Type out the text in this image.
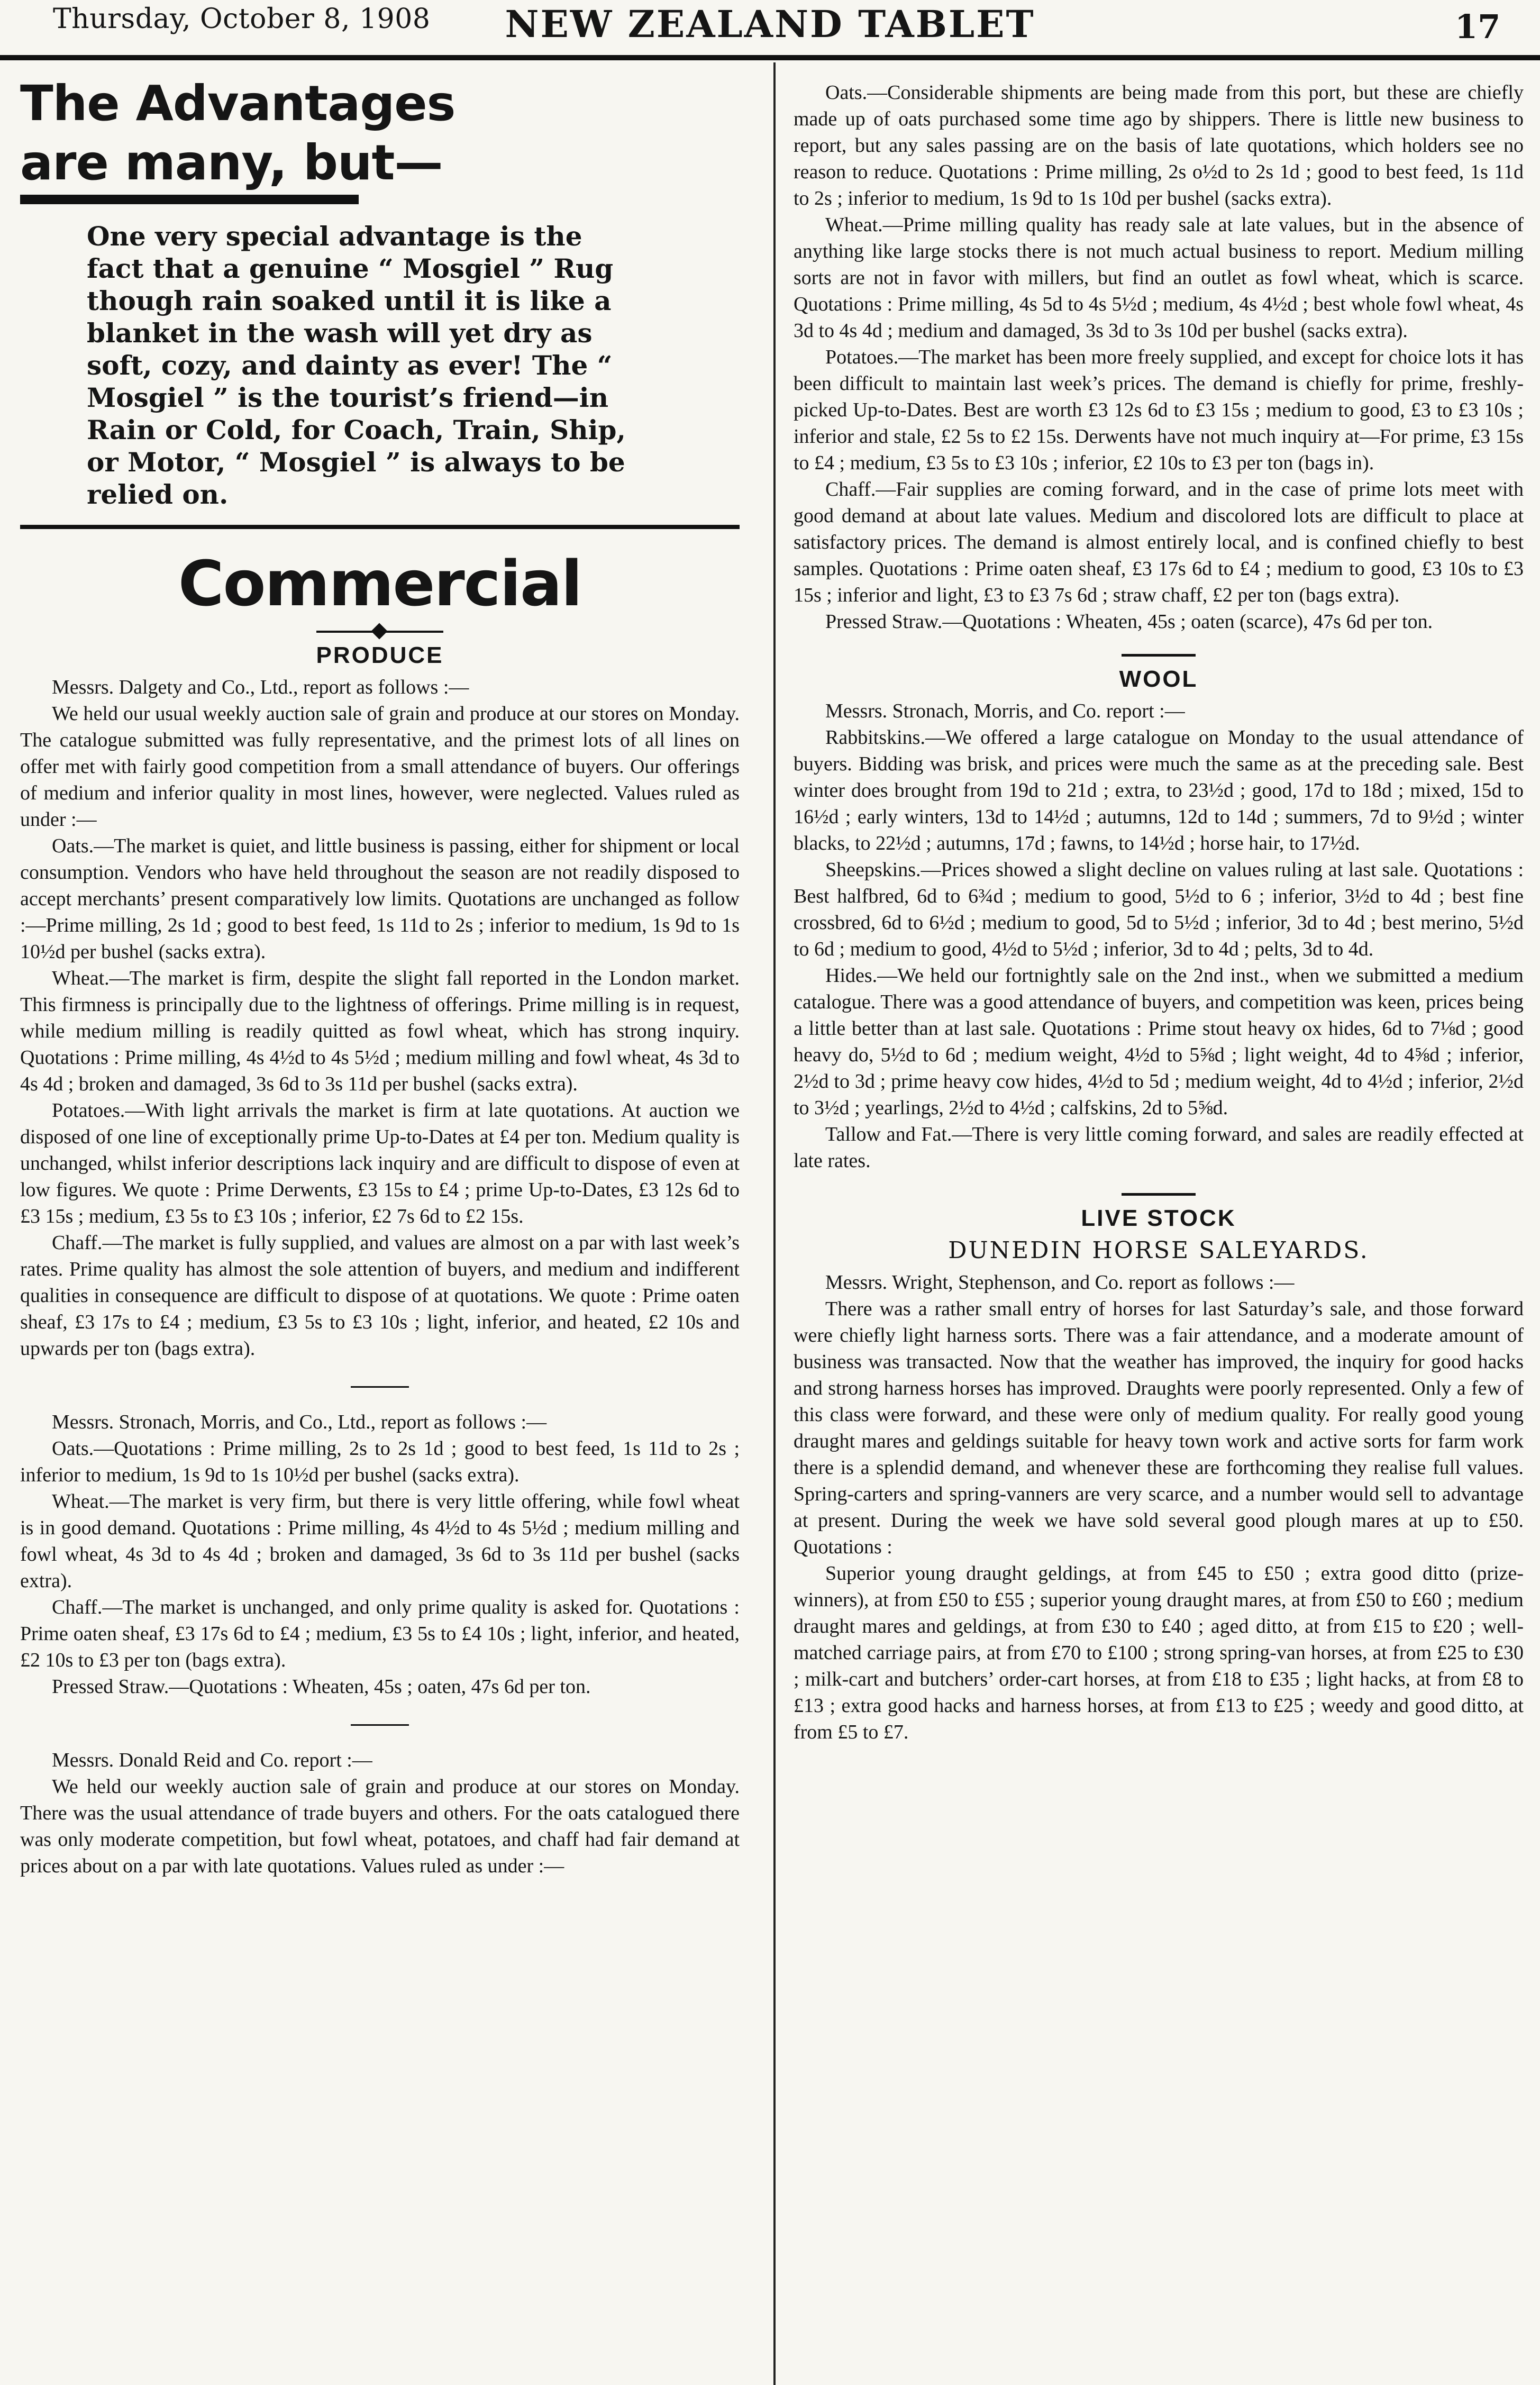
Thursday, October 8, 1908	NEW ZEALAND TABLET	17
The Advantages
are many, but—

One very special advantage is the fact that a genuine “ Mosgiel ” Rug though rain soaked until it is like a blanket in the wash will yet dry as soft, cozy, and dainty as ever! The “ Mosgiel ” is the tourist’s friend—in Rain or Cold, for Coach, Train, Ship, or Motor, “ Mosgiel ” is always to be relied on.

Commercial
PRODUCE

Messrs. Dalgety and Co., Ltd., report as follows :—

We held our usual weekly auction sale of grain and produce at our stores on Monday. The catalogue submitted was fully representative, and the primest lots of all lines on offer met with fairly good competition from a small attendance of buyers. Our offerings of medium and inferior quality in most lines, however, were neglected. Values ruled as under :—

Oats.—The market is quiet, and little business is passing, either for shipment or local consumption. Vendors who have held throughout the season are not readily disposed to accept merchants’ present comparatively low limits. Quotations are unchanged as follow :—Prime milling, 2s 1d ; good to best feed, 1s 11d to 2s ; inferior to medium, 1s 9d to 1s 10½d per bushel (sacks extra).

Wheat.—The market is firm, despite the slight fall reported in the London market. This firmness is principally due to the lightness of offerings. Prime milling is in request, while medium milling is readily quitted as fowl wheat, which has strong inquiry. Quotations : Prime milling, 4s 4½d to 4s 5½d ; medium milling and fowl wheat, 4s 3d to 4s 4d ; broken and damaged, 3s 6d to 3s 11d per bushel (sacks extra).

Potatoes.—With light arrivals the market is firm at late quotations. At auction we disposed of one line of exceptionally prime Up-to-Dates at £4 per ton. Medium quality is unchanged, whilst inferior descriptions lack inquiry and are difficult to dispose of even at low figures. We quote : Prime Derwents, £3 15s to £4 ; prime Up-to-Dates, £3 12s 6d to £3 15s ; medium, £3 5s to £3 10s ; inferior, £2 7s 6d to £2 15s.

Chaff.—The market is fully supplied, and values are almost on a par with last week’s rates. Prime quality has almost the sole attention of buyers, and medium and indifferent qualities in consequence are difficult to dispose of at quotations. We quote : Prime oaten sheaf, £3 17s to £4 ; medium, £3 5s to £3 10s ; light, inferior, and heated, £2 10s and upwards per ton (bags extra).

Messrs. Stronach, Morris, and Co., Ltd., report as follows :—

Oats.—Quotations : Prime milling, 2s to 2s 1d ; good to best feed, 1s 11d to 2s ; inferior to medium, 1s 9d to 1s 10½d per bushel (sacks extra).

Wheat.—The market is very firm, but there is very little offering, while fowl wheat is in good demand. Quotations : Prime milling, 4s 4½d to 4s 5½d ; medium milling and fowl wheat, 4s 3d to 4s 4d ; broken and damaged, 3s 6d to 3s 11d per bushel (sacks extra).

Chaff.—The market is unchanged, and only prime quality is asked for. Quotations : Prime oaten sheaf, £3 17s 6d to £4 ; medium, £3 5s to £4 10s ; light, inferior, and heated, £2 10s to £3 per ton (bags extra).

Pressed Straw.—Quotations : Wheaten, 45s ; oaten, 47s 6d per ton.

Messrs. Donald Reid and Co. report :—

We held our weekly auction sale of grain and produce at our stores on Monday. There was the usual attendance of trade buyers and others. For the oats catalogued there was only moderate competition, but fowl wheat, potatoes, and chaff had fair demand at prices about on a par with late quotations. Values ruled as under :—

Oats.—Considerable shipments are being made from this port, but these are chiefly made up of oats purchased some time ago by shippers. There is little new business to report, but any sales passing are on the basis of late quotations, which holders see no reason to reduce. Quotations : Prime milling, 2s o½d to 2s 1d ; good to best feed, 1s 11d to 2s ; inferior to medium, 1s 9d to 1s 10d per bushel (sacks extra).

Wheat.—Prime milling quality has ready sale at late values, but in the absence of anything like large stocks there is not much actual business to report. Medium milling sorts are not in favor with millers, but find an outlet as fowl wheat, which is scarce. Quotations : Prime milling, 4s 5d to 4s 5½d ; medium, 4s 4½d ; best whole fowl wheat, 4s 3d to 4s 4d ; medium and damaged, 3s 3d to 3s 10d per bushel (sacks extra).

Potatoes.—The market has been more freely supplied, and except for choice lots it has been difficult to maintain last week’s prices. The demand is chiefly for prime, freshly-picked Up-to-Dates. Best are worth £3 12s 6d to £3 15s ; medium to good, £3 to £3 10s ; inferior and stale, £2 5s to £2 15s. Derwents have not much inquiry at—For prime, £3 15s to £4 ; medium, £3 5s to £3 10s ; inferior, £2 10s to £3 per ton (bags in).

Chaff.—Fair supplies are coming forward, and in the case of prime lots meet with good demand at about late values. Medium and discolored lots are difficult to place at satisfactory prices. The demand is almost entirely local, and is confined chiefly to best samples. Quotations : Prime oaten sheaf, £3 17s 6d to £4 ; medium to good, £3 10s to £3 15s ; inferior and light, £3 to £3 7s 6d ; straw chaff, £2 per ton (bags extra).

Pressed Straw.—Quotations : Wheaten, 45s ; oaten (scarce), 47s 6d per ton.

WOOL

Messrs. Stronach, Morris, and Co. report :—

Rabbitskins.—We offered a large catalogue on Monday to the usual attendance of buyers. Bidding was brisk, and prices were much the same as at the preceding sale. Best winter does brought from 19d to 21d ; extra, to 23½d ; good, 17d to 18d ; mixed, 15d to 16½d ; early winters, 13d to 14½d ; autumns, 12d to 14d ; summers, 7d to 9½d ; winter blacks, to 22½d ; autumns, 17d ; fawns, to 14½d ; horse hair, to 17½d.

Sheepskins.—Prices showed a slight decline on values ruling at last sale. Quotations : Best halfbred, 6d to 6¾d ; medium to good, 5½d to 6 ; inferior, 3½d to 4d ; best fine crossbred, 6d to 6½d ; medium to good, 5d to 5½d ; inferior, 3d to 4d ; best merino, 5½d to 6d ; medium to good, 4½d to 5½d ; inferior, 3d to 4d ; pelts, 3d to 4d.

Hides.—We held our fortnightly sale on the 2nd inst., when we submitted a medium catalogue. There was a good attendance of buyers, and competition was keen, prices being a little better than at last sale. Quotations : Prime stout heavy ox hides, 6d to 7⅛d ; good heavy do, 5½d to 6d ; medium weight, 4½d to 5⅝d ; light weight, 4d to 4⅝d ; inferior, 2½d to 3d ; prime heavy cow hides, 4½d to 5d ; medium weight, 4d to 4½d ; inferior, 2½d to 3½d ; yearlings, 2½d to 4½d ; calfskins, 2d to 5⅝d.

Tallow and Fat.—There is very little coming forward, and sales are readily effected at late rates.

LIVE STOCK
DUNEDIN HORSE SALEYARDS.

Messrs. Wright, Stephenson, and Co. report as follows :—

There was a rather small entry of horses for last Saturday’s sale, and those forward were chiefly light harness sorts. There was a fair attendance, and a moderate amount of business was transacted. Now that the weather has improved, the inquiry for good hacks and strong harness horses has improved. Draughts were poorly represented. Only a few of this class were forward, and these were only of medium quality. For really good young draught mares and geldings suitable for heavy town work and active sorts for farm work there is a splendid demand, and whenever these are forthcoming they realise full values. Spring-carters and spring-vanners are very scarce, and a number would sell to advantage at present. During the week we have sold several good plough mares at up to £50. Quotations :

Superior young draught geldings, at from £45 to £50 ; extra good ditto (prize-winners), at from £50 to £55 ; superior young draught mares, at from £50 to £60 ; medium draught mares and geldings, at from £30 to £40 ; aged ditto, at from £15 to £20 ; well-matched carriage pairs, at from £70 to £100 ; strong spring-van horses, at from £25 to £30 ; milk-cart and butchers’ order-cart horses, at from £18 to £35 ; light hacks, at from £8 to £13 ; extra good hacks and harness horses, at from £13 to £25 ; weedy and good ditto, at from £5 to £7.
